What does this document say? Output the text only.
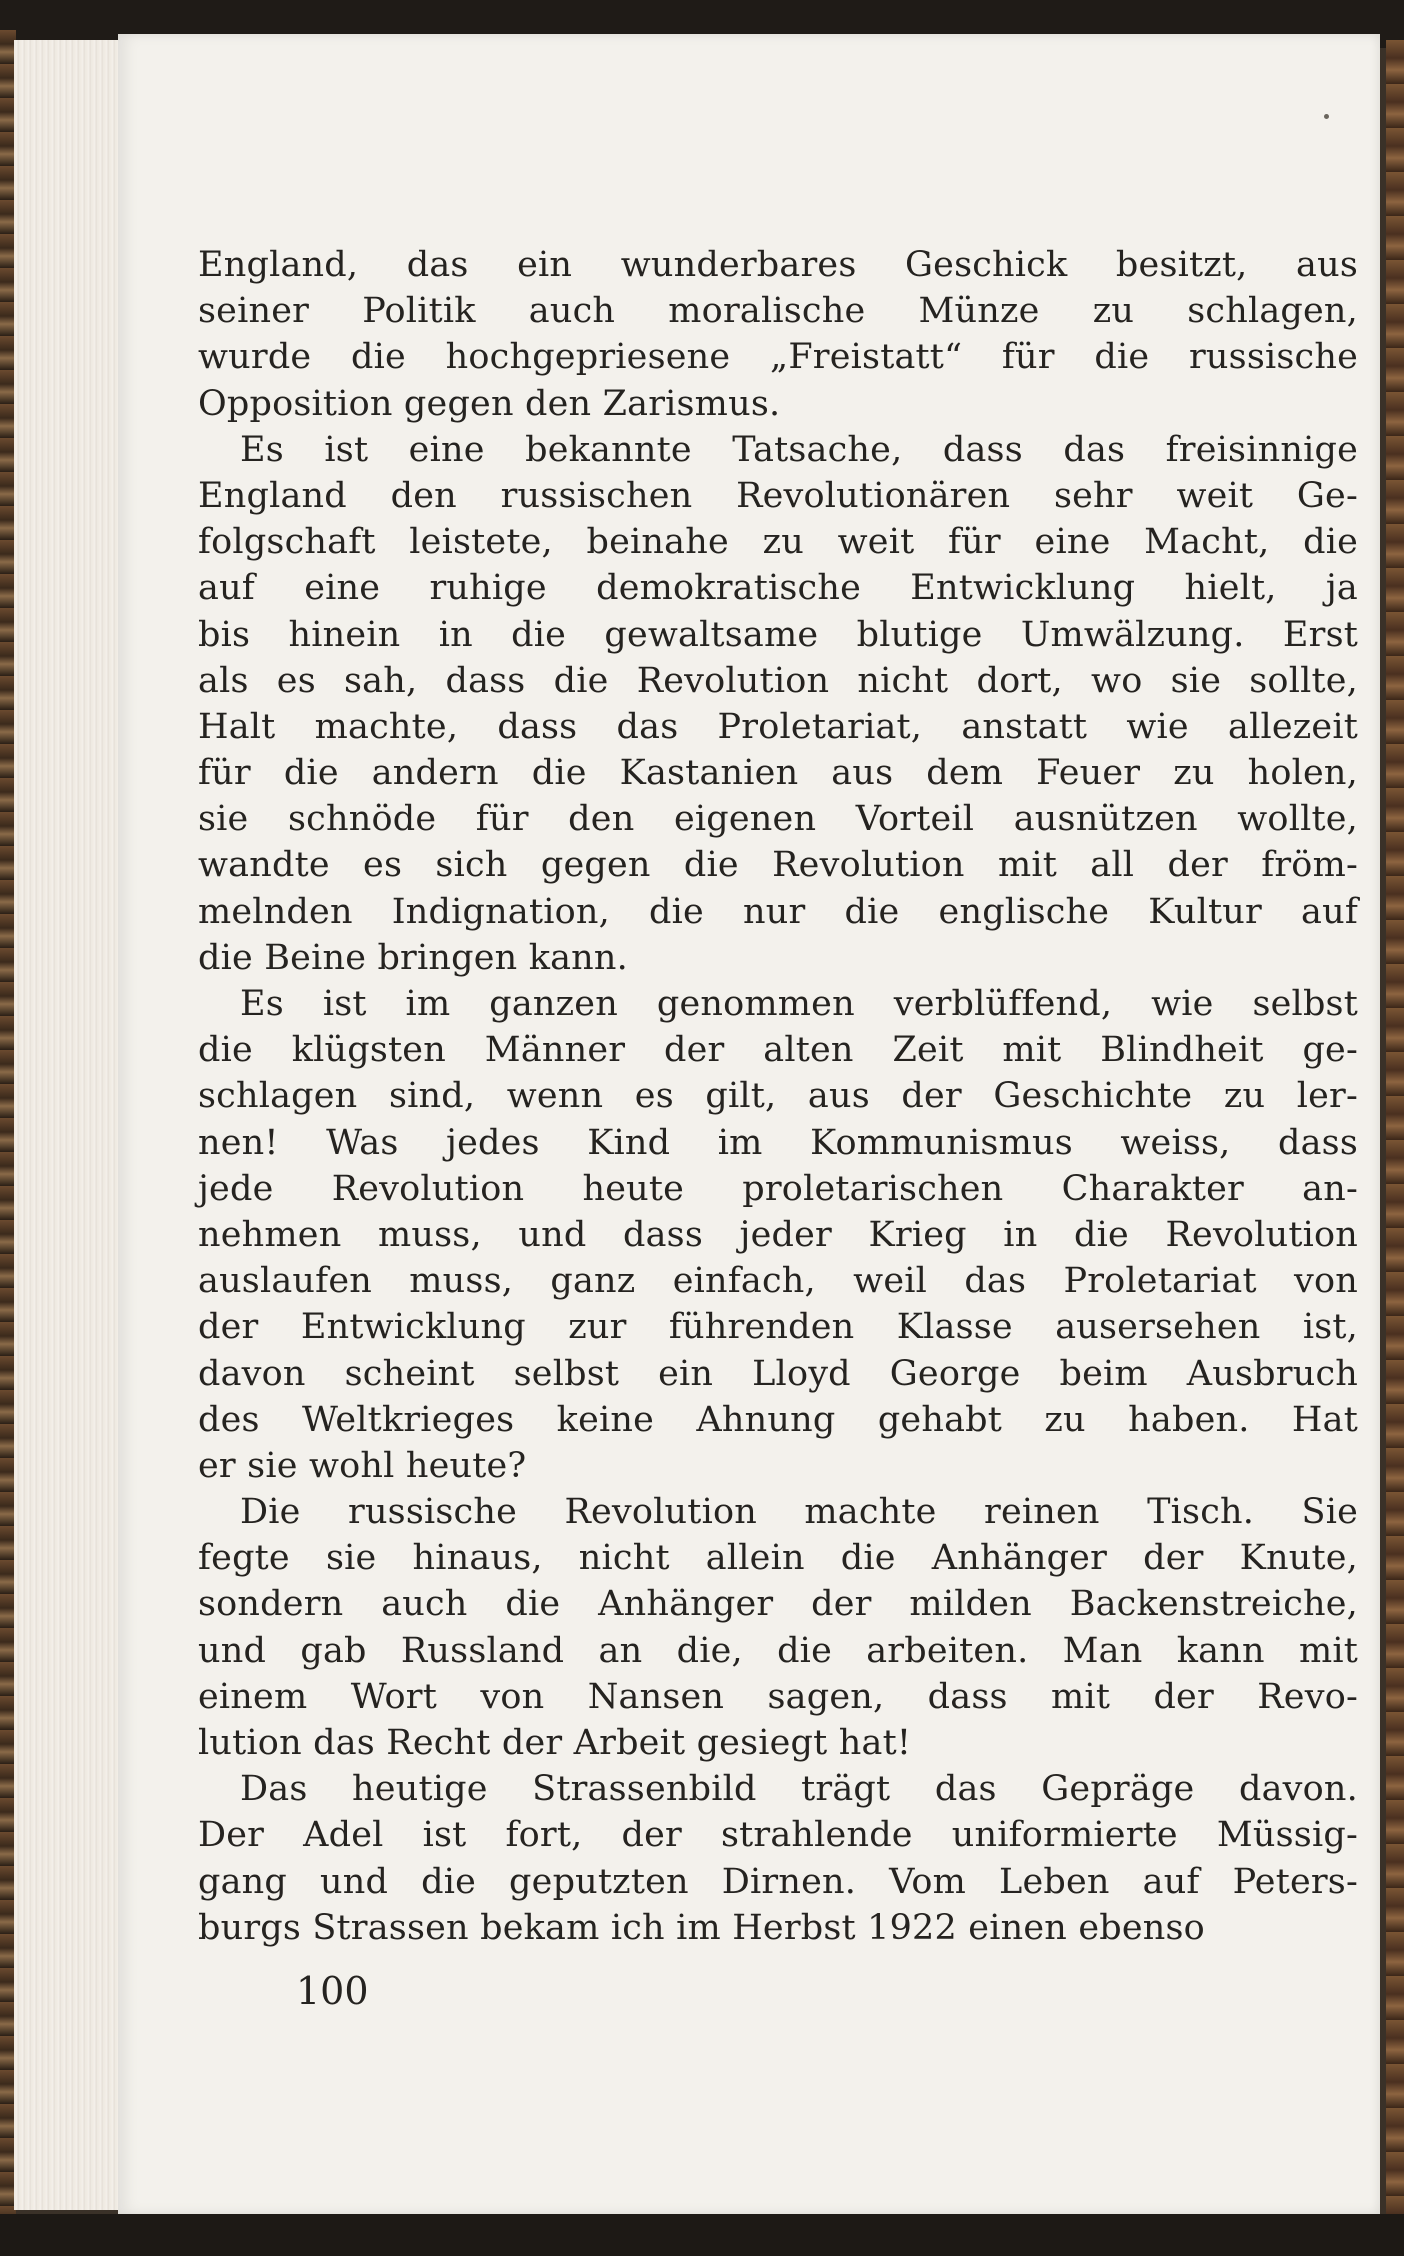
England, das ein wunderbares Geschick besitzt, aus
seiner Politik auch moralische Münze zu schlagen,
wurde die hochgepriesene „Freistatt“ für die russische
Opposition gegen den Zarismus.
Es ist eine bekannte Tatsache, dass das freisinnige
England den russischen Revolutionären sehr weit Ge-
folgschaft leistete, beinahe zu weit für eine Macht, die
auf eine ruhige demokratische Entwicklung hielt, ja
bis hinein in die gewaltsame blutige Umwälzung. Erst
als es sah, dass die Revolution nicht dort, wo sie sollte,
Halt machte, dass das Proletariat, anstatt wie allezeit
für die andern die Kastanien aus dem Feuer zu holen,
sie schnöde für den eigenen Vorteil ausnützen wollte,
wandte es sich gegen die Revolution mit all der fröm-
melnden Indignation, die nur die englische Kultur auf
die Beine bringen kann.
Es ist im ganzen genommen verblüffend, wie selbst
die klügsten Männer der alten Zeit mit Blindheit ge-
schlagen sind, wenn es gilt, aus der Geschichte zu ler-
nen! Was jedes Kind im Kommunismus weiss, dass
jede Revolution heute proletarischen Charakter an-
nehmen muss, und dass jeder Krieg in die Revolution
auslaufen muss, ganz einfach, weil das Proletariat von
der Entwicklung zur führenden Klasse ausersehen ist,
davon scheint selbst ein Lloyd George beim Ausbruch
des Weltkrieges keine Ahnung gehabt zu haben. Hat
er sie wohl heute?
Die russische Revolution machte reinen Tisch. Sie
fegte sie hinaus, nicht allein die Anhänger der Knute,
sondern auch die Anhänger der milden Backenstreiche,
und gab Russland an die, die arbeiten. Man kann mit
einem Wort von Nansen sagen, dass mit der Revo-
lution das Recht der Arbeit gesiegt hat!
Das heutige Strassenbild trägt das Gepräge davon.
Der Adel ist fort, der strahlende uniformierte Müssig-
gang und die geputzten Dirnen. Vom Leben auf Peters-
burgs Strassen bekam ich im Herbst 1922 einen ebenso
100
